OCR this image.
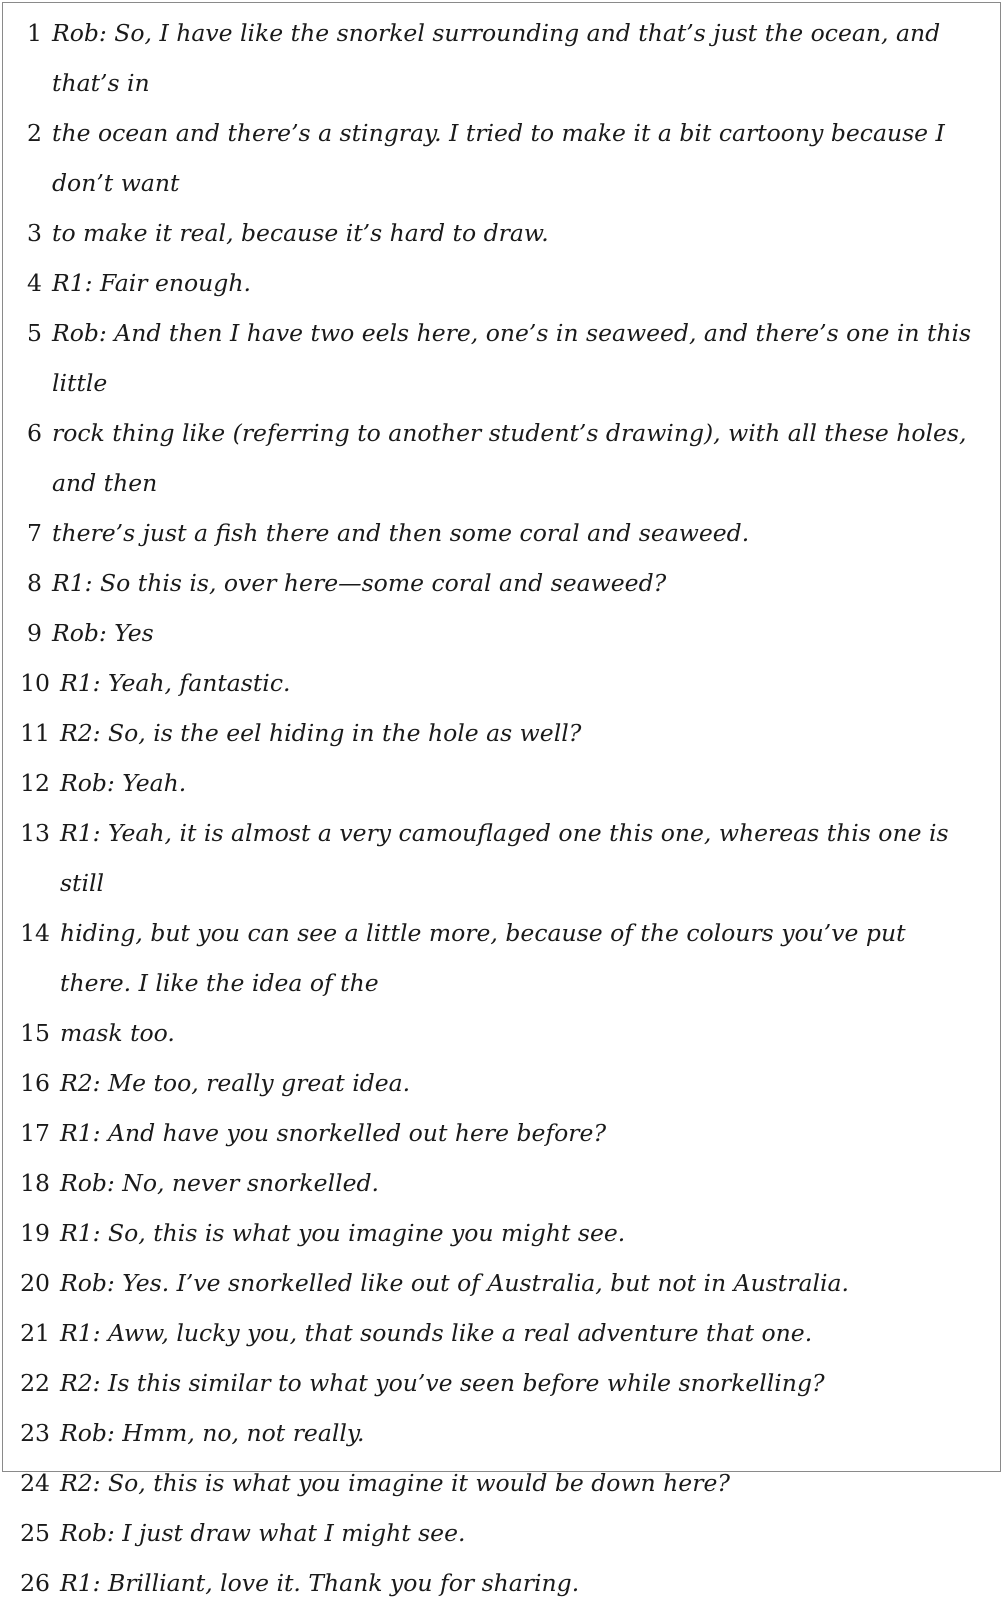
1 Rob: So, I have like the snorkel surrounding and that’s just the ocean, and that’s in
2 the ocean and there’s a stingray. I tried to make it a bit cartoony because I don’t want
3 to make it real, because it’s hard to draw.
4 R1: Fair enough.
5 Rob: And then I have two eels here, one’s in seaweed, and there’s one in this little
6 rock thing like (referring to another student’s drawing), with all these holes, and then
7 there’s just a fish there and then some coral and seaweed.
8 R1: So this is, over here—some coral and seaweed?
9 Rob: Yes
10 R1: Yeah, fantastic.
11 R2: So, is the eel hiding in the hole as well?
12 Rob: Yeah.
13 R1: Yeah, it is almost a very camouflaged one this one, whereas this one is still
14 hiding, but you can see a little more, because of the colours you’ve put there. I like the idea of the
15 mask too.
16 R2: Me too, really great idea.
17 R1: And have you snorkelled out here before?
18 Rob: No, never snorkelled.
19 R1: So, this is what you imagine you might see.
20 Rob: Yes. I’ve snorkelled like out of Australia, but not in Australia.
21 R1: Aww, lucky you, that sounds like a real adventure that one.
22 R2: Is this similar to what you’ve seen before while snorkelling?
23 Rob: Hmm, no, not really.
24 R2: So, this is what you imagine it would be down here?
25 Rob: I just draw what I might see.
26 R1: Brilliant, love it. Thank you for sharing.
